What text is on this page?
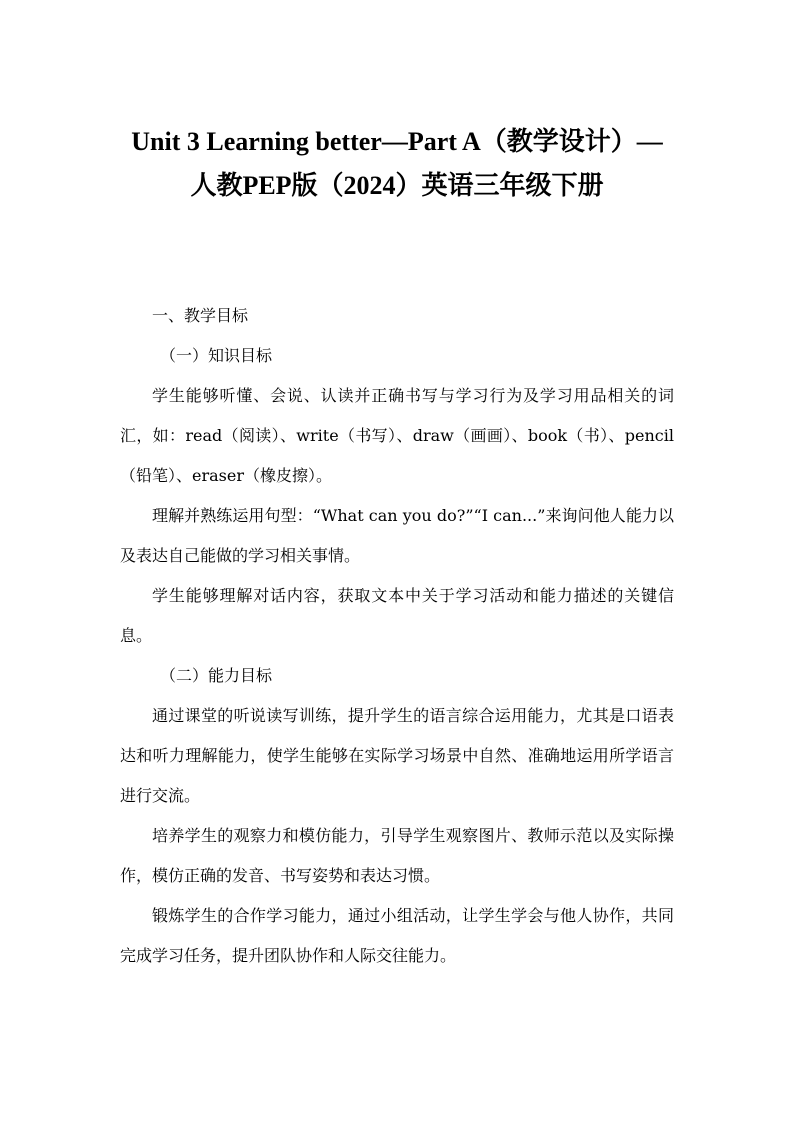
Unit 3 Learning better—Part A（教学设计）—人教PEP版（2024）英语三年级下册

一、教学目标

（一）知识目标

学生能够听懂、会说、认读并正确书写与学习行为及学习用品相关的词汇，如：read（阅读）、write（书写）、draw（画画）、book（书）、pencil（铅笔）、eraser（橡皮擦）。

理解并熟练运用句型：“What can you do?”“I can...”来询问他人能力以及表达自己能做的学习相关事情。

学生能够理解对话内容，获取文本中关于学习活动和能力描述的关键信息。

（二）能力目标

通过课堂的听说读写训练，提升学生的语言综合运用能力，尤其是口语表达和听力理解能力，使学生能够在实际学习场景中自然、准确地运用所学语言进行交流。

培养学生的观察力和模仿能力，引导学生观察图片、教师示范以及实际操作，模仿正确的发音、书写姿势和表达习惯。

锻炼学生的合作学习能力，通过小组活动，让学生学会与他人协作，共同完成学习任务，提升团队协作和人际交往能力。
